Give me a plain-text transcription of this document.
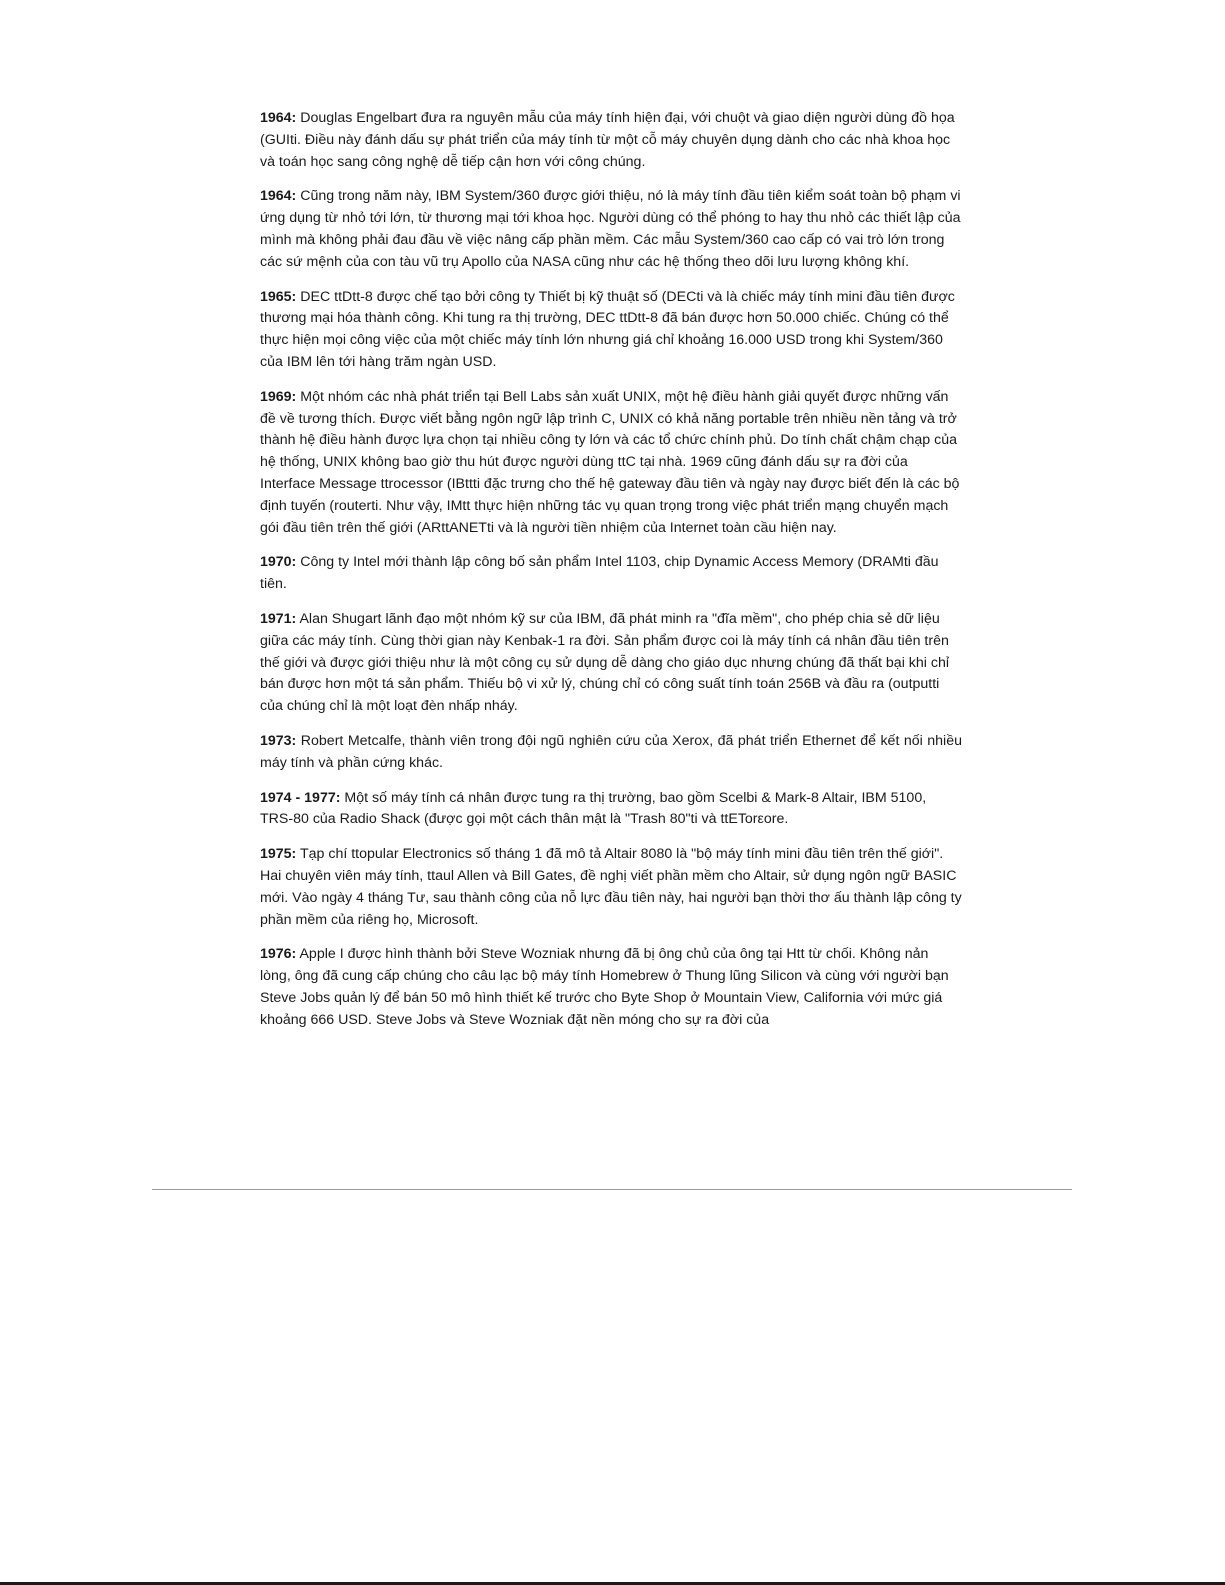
1964: Douglas Engelbart đưa ra nguyên mẫu của máy tính hiện đại, với chuột và giao diện người dùng đồ họa (GUIti. Điều này đánh dấu sự phát triển của máy tính từ một cỗ máy chuyên dụng dành cho các nhà khoa học và toán học sang công nghệ dễ tiếp cận hơn với công chúng.

1964: Cũng trong năm này, IBM System/360 được giới thiệu, nó là máy tính đầu tiên kiểm soát toàn bộ phạm vi ứng dụng từ nhỏ tới lớn, từ thương mại tới khoa học. Người dùng có thể phóng to hay thu nhỏ các thiết lập của mình mà không phải đau đầu về việc nâng cấp phần mềm. Các mẫu System/360 cao cấp có vai trò lớn trong các sứ mệnh của con tàu vũ trụ Apollo của NASA cũng như các hệ thống theo dõi lưu lượng không khí.

1965: DEC ttDtt-8 được chế tạo bởi công ty Thiết bị kỹ thuật số (DECti và là chiếc máy tính mini đầu tiên được thương mại hóa thành công. Khi tung ra thị trường, DEC ttDtt-8 đã bán được hơn 50.000 chiếc. Chúng có thể thực hiện mọi công việc của một chiếc máy tính lớn nhưng giá chỉ khoảng 16.000 USD trong khi System/360 của IBM lên tới hàng trăm ngàn USD.

1969: Một nhóm các nhà phát triển tại Bell Labs sản xuất UNIX, một hệ điều hành giải quyết được những vấn đề về tương thích. Được viết bằng ngôn ngữ lập trình C, UNIX có khả năng portable trên nhiều nền tảng và trở thành hệ điều hành được lựa chọn tại nhiều công ty lớn và các tổ chức chính phủ. Do tính chất chậm chạp của hệ thống, UNIX không bao giờ thu hút được người dùng ttC tại nhà. 1969 cũng đánh dấu sự ra đời của Interface Message ttrocessor (IBttti đặc trưng cho thế hệ gateway đầu tiên và ngày nay được biết đến là các bộ định tuyến (routerti. Như vậy, IMtt thực hiện những tác vụ quan trọng trong việc phát triển mạng chuyển mạch gói đầu tiên trên thế giới (ARttANETti và là người tiền nhiệm của Internet toàn cầu hiện nay.

1970: Công ty Intel mới thành lập công bố sản phẩm Intel 1103, chip Dynamic Access Memory (DRAMti đầu tiên.

1971: Alan Shugart lãnh đạo một nhóm kỹ sư của IBM, đã phát minh ra "đĩa mềm", cho phép chia sẻ dữ liệu giữa các máy tính. Cùng thời gian này Kenbak-1 ra đời. Sản phẩm được coi là máy tính cá nhân đầu tiên trên thế giới và được giới thiệu như là một công cụ sử dụng dễ dàng cho giáo dục nhưng chúng đã thất bại khi chỉ bán được hơn một tá sản phẩm. Thiếu bộ vi xử lý, chúng chỉ có công suất tính toán 256B và đầu ra (outputti của chúng chỉ là một loạt đèn nhấp nháy.

1973: Robert Metcalfe, thành viên trong đội ngũ nghiên cứu của Xerox, đã phát triển Ethernet để kết nối nhiều máy tính và phần cứng khác.

1974 - 1977: Một số máy tính cá nhân được tung ra thị trường, bao gồm Scelbi & Mark-8 Altair, IBM 5100, TRS-80 của Radio Shack (được gọi một cách thân mật là "Trash 80"ti và ttETorεore.

1975: Tạp chí ttopular Electronics số tháng 1 đã mô tả Altair 8080 là "bộ máy tính mini đầu tiên trên thế giới". Hai chuyên viên máy tính, ttaul Allen và Bill Gates, đề nghị viết phần mềm cho Altair, sử dụng ngôn ngữ BASIC mới. Vào ngày 4 tháng Tư, sau thành công của nỗ lực đầu tiên này, hai người bạn thời thơ ấu thành lập công ty phần mềm của riêng họ, Microsoft.

1976: Apple I được hình thành bởi Steve Wozniak nhưng đã bị ông chủ của ông tại Htt từ chối. Không nản lòng, ông đã cung cấp chúng cho câu lạc bộ máy tính Homebrew ở Thung lũng Silicon và cùng với người bạn Steve Jobs quản lý để bán 50 mô hình thiết kế trước cho Byte Shop ở Mountain View, California với mức giá khoảng 666 USD. Steve Jobs và Steve Wozniak đặt nền móng cho sự ra đời của
